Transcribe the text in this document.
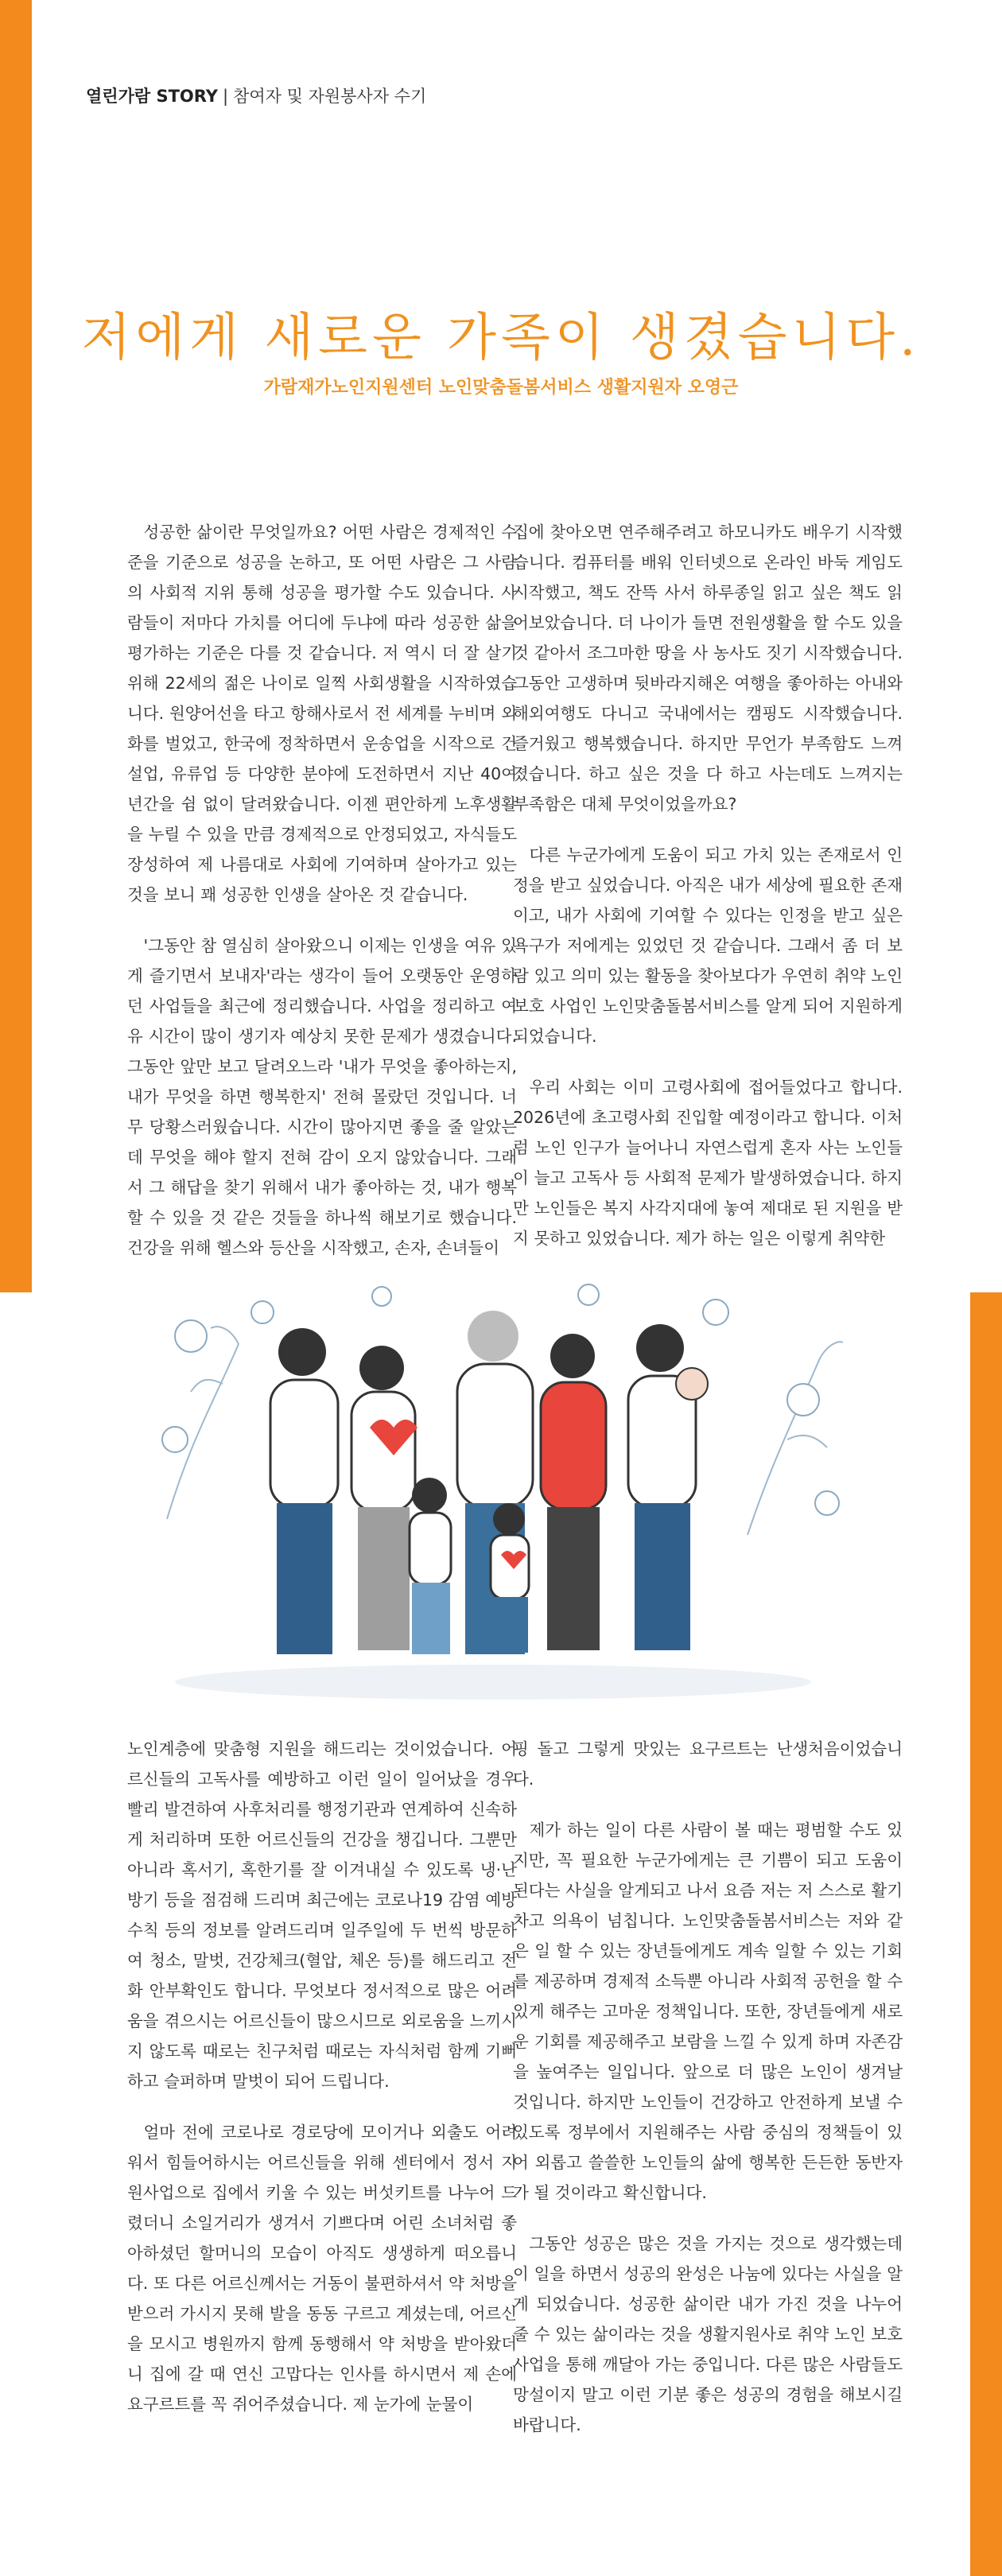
열린가람 STORY | 참여자 및 자원봉사자 수기
저에게 새로운 가족이 생겼습니다.
가람재가노인지원센터 노인맞춤돌봄서비스 생활지원자 오영근

성공한 삶이란 무엇일까요? 어떤 사람은 경제적인 수준을 기준으로 성공을 논하고, 또 어떤 사람은 그 사람의 사회적 지위 통해 성공을 평가할 수도 있습니다. 사람들이 저마다 가치를 어디에 두냐에 따라 성공한 삶을 평가하는 기준은 다를 것 같습니다. 저 역시 더 잘 살기 위해 22세의 젊은 나이로 일찍 사회생활을 시작하였습니다. 원양어선을 타고 항해사로서 전 세계를 누비며 외화를 벌었고, 한국에 정착하면서 운송업을 시작으로 건설업, 유류업 등 다양한 분야에 도전하면서 지난 40여 년간을 쉼 없이 달려왔습니다. 이젠 편안하게 노후생활을 누릴 수 있을 만큼 경제적으로 안정되었고, 자식들도 장성하여 제 나름대로 사회에 기여하며 살아가고 있는 것을 보니 꽤 성공한 인생을 살아온 것 같습니다.

'그동안 참 열심히 살아왔으니 이제는 인생을 여유 있게 즐기면서 보내자'라는 생각이 들어 오랫동안 운영하던 사업들을 최근에 정리했습니다. 사업을 정리하고 여유 시간이 많이 생기자 예상치 못한 문제가 생겼습니다. 그동안 앞만 보고 달려오느라 '내가 무엇을 좋아하는지, 내가 무엇을 하면 행복한지' 전혀 몰랐던 것입니다. 너무 당황스러웠습니다. 시간이 많아지면 좋을 줄 알았는데 무엇을 해야 할지 전혀 감이 오지 않았습니다. 그래서 그 해답을 찾기 위해서 내가 좋아하는 것, 내가 행복할 수 있을 것 같은 것들을 하나씩 해보기로 했습니다. 건강을 위해 헬스와 등산을 시작했고, 손자, 손녀들이

집에 찾아오면 연주해주려고 하모니카도 배우기 시작했습니다. 컴퓨터를 배워 인터넷으로 온라인 바둑 게임도 시작했고, 책도 잔뜩 사서 하루종일 읽고 싶은 책도 읽어보았습니다. 더 나이가 들면 전원생활을 할 수도 있을 것 같아서 조그마한 땅을 사 농사도 짓기 시작했습니다. 그동안 고생하며 뒷바라지해온 여행을 좋아하는 아내와 해외여행도 다니고 국내에서는 캠핑도 시작했습니다. 즐거웠고 행복했습니다. 하지만 무언가 부족함도 느껴졌습니다. 하고 싶은 것을 다 하고 사는데도 느껴지는 부족함은 대체 무엇이었을까요?

다른 누군가에게 도움이 되고 가치 있는 존재로서 인정을 받고 싶었습니다. 아직은 내가 세상에 필요한 존재이고, 내가 사회에 기여할 수 있다는 인정을 받고 싶은 욕구가 저에게는 있었던 것 같습니다. 그래서 좀 더 보람 있고 의미 있는 활동을 찾아보다가 우연히 취약 노인 보호 사업인 노인맞춤돌봄서비스를 알게 되어 지원하게 되었습니다.

우리 사회는 이미 고령사회에 접어들었다고 합니다. 2026년에 초고령사회 진입할 예정이라고 합니다. 이처럼 노인 인구가 늘어나니 자연스럽게 혼자 사는 노인들이 늘고 고독사 등 사회적 문제가 발생하였습니다. 하지만 노인들은 복지 사각지대에 놓여 제대로 된 지원을 받지 못하고 있었습니다. 제가 하는 일은 이렇게 취약한

노인계층에 맞춤형 지원을 해드리는 것이었습니다. 어르신들의 고독사를 예방하고 이런 일이 일어났을 경우 빨리 발견하여 사후처리를 행정기관과 연계하여 신속하게 처리하며 또한 어르신들의 건강을 챙깁니다. 그뿐만 아니라 혹서기, 혹한기를 잘 이겨내실 수 있도록 냉·난방기 등을 점검해 드리며 최근에는 코로나19 감염 예방 수칙 등의 정보를 알려드리며 일주일에 두 번씩 방문하여 청소, 말벗, 건강체크(혈압, 체온 등)를 해드리고 전화 안부확인도 합니다. 무엇보다 정서적으로 많은 어려움을 겪으시는 어르신들이 많으시므로 외로움을 느끼시지 않도록 때로는 친구처럼 때로는 자식처럼 함께 기뻐하고 슬퍼하며 말벗이 되어 드립니다.

얼마 전에 코로나로 경로당에 모이거나 외출도 어려워서 힘들어하시는 어르신들을 위해 센터에서 정서 지원사업으로 집에서 키울 수 있는 버섯키트를 나누어 드렸더니 소일거리가 생겨서 기쁘다며 어린 소녀처럼 좋아하셨던 할머니의 모습이 아직도 생생하게 떠오릅니다. 또 다른 어르신께서는 거동이 불편하셔서 약 처방을 받으러 가시지 못해 발을 동동 구르고 계셨는데, 어르신을 모시고 병원까지 함께 동행해서 약 처방을 받아왔더니 집에 갈 때 연신 고맙다는 인사를 하시면서 제 손에 요구르트를 꼭 쥐어주셨습니다. 제 눈가에 눈물이

핑 돌고 그렇게 맛있는 요구르트는 난생처음이었습니다.

제가 하는 일이 다른 사람이 볼 때는 평범할 수도 있지만, 꼭 필요한 누군가에게는 큰 기쁨이 되고 도움이 된다는 사실을 알게되고 나서 요즘 저는 저 스스로 활기차고 의욕이 넘칩니다. 노인맞춤돌봄서비스는 저와 같은 일 할 수 있는 장년들에게도 계속 일할 수 있는 기회를 제공하며 경제적 소득뿐 아니라 사회적 공헌을 할 수 있게 해주는 고마운 정책입니다. 또한, 장년들에게 새로운 기회를 제공해주고 보람을 느낄 수 있게 하며 자존감을 높여주는 일입니다. 앞으로 더 많은 노인이 생겨날 것입니다. 하지만 노인들이 건강하고 안전하게 보낼 수 있도록 정부에서 지원해주는 사람 중심의 정책들이 있어 외롭고 쓸쓸한 노인들의 삶에 행복한 든든한 동반자가 될 것이라고 확신합니다.

그동안 성공은 많은 것을 가지는 것으로 생각했는데 이 일을 하면서 성공의 완성은 나눔에 있다는 사실을 알게 되었습니다. 성공한 삶이란 내가 가진 것을 나누어 줄 수 있는 삶이라는 것을 생활지원사로 취약 노인 보호 사업을 통해 깨달아 가는 중입니다. 다른 많은 사람들도 망설이지 말고 이런 기분 좋은 성공의 경험을 해보시길 바랍니다.
